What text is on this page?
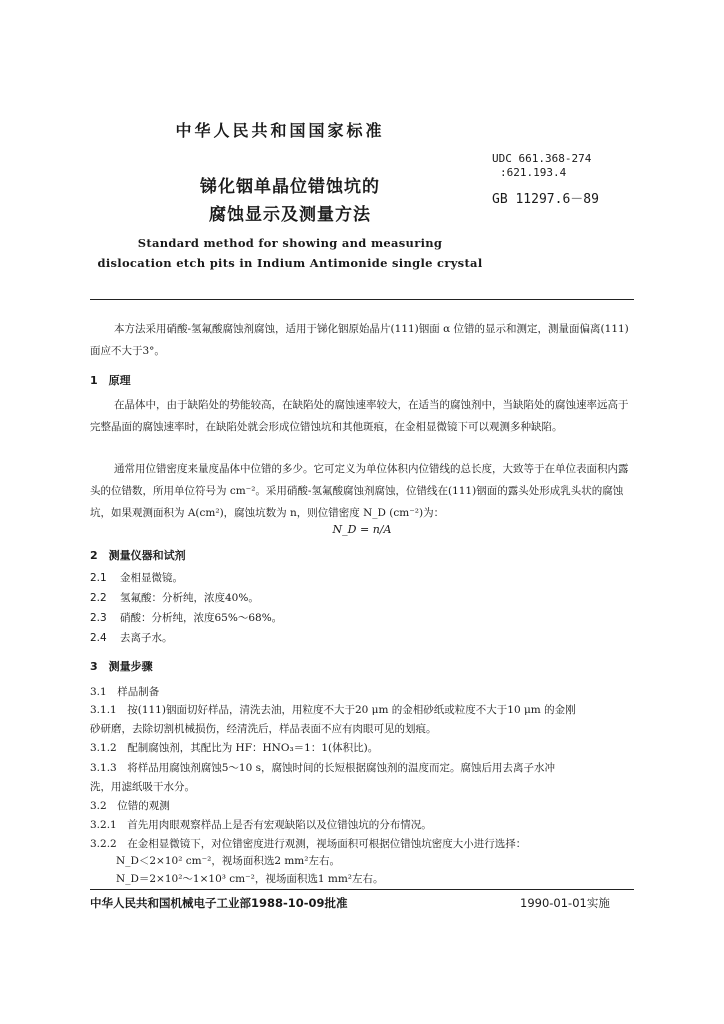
中华人民共和国国家标准
UDC 661.368-274
:621.193.4
GB 11297.6－89
锑化铟单晶位错蚀坑的
腐蚀显示及测量方法
Standard method for showing and measuring
dislocation etch pits in Indium Antimonide single crystal
本方法采用硝酸-氢氟酸腐蚀剂腐蚀，适用于锑化铟原始晶片(111)铟面 α 位错的显示和测定，测量面偏离(111)面应不大于3°。
1　原理
在晶体中，由于缺陷处的势能较高，在缺陷处的腐蚀速率较大，在适当的腐蚀剂中，当缺陷处的腐蚀速率远高于完整晶面的腐蚀速率时，在缺陷处就会形成位错蚀坑和其他斑痕，在金相显微镜下可以观测多种缺陷。
通常用位错密度来量度晶体中位错的多少。它可定义为单位体积内位错线的总长度，大致等于在单位表面积内露头的位错数，所用单位符号为 cm⁻²。采用硝酸-氢氟酸腐蚀剂腐蚀，位错线在(111)铟面的露头处形成乳头状的腐蚀坑，如果观测面积为 A(cm²)，腐蚀坑数为 n，则位错密度 N_D (cm⁻²)为：
N_D = n/A
2　测量仪器和试剂
2.1 金相显微镜。
2.2 氢氟酸：分析纯，浓度40%。
2.3 硝酸：分析纯，浓度65%～68%。
2.4 去离子水。
3　测量步骤
3.1　样品制备
3.1.1　按(111)铟面切好样品，清洗去油，用粒度不大于20 μm 的金相砂纸或粒度不大于10 μm 的金刚
砂研磨，去除切割机械损伤，经清洗后，样品表面不应有肉眼可见的划痕。
3.1.2　配制腐蚀剂，其配比为 HF：HNO₃＝1：1(体积比)。
3.1.3　将样品用腐蚀剂腐蚀5～10 s，腐蚀时间的长短根据腐蚀剂的温度而定。腐蚀后用去离子水冲
洗，用滤纸吸干水分。
3.2　位错的观测
3.2.1　首先用肉眼观察样品上是否有宏观缺陷以及位错蚀坑的分布情况。
3.2.2　在金相显微镜下，对位错密度进行观测，视场面积可根据位错蚀坑密度大小进行选择：
N_D＜2×10² cm⁻²，视场面积选2 mm²左右。
N_D＝2×10²～1×10³ cm⁻²，视场面积选1 mm²左右。
中华人民共和国机械电子工业部1988-10-09批准	1990-01-01实施
